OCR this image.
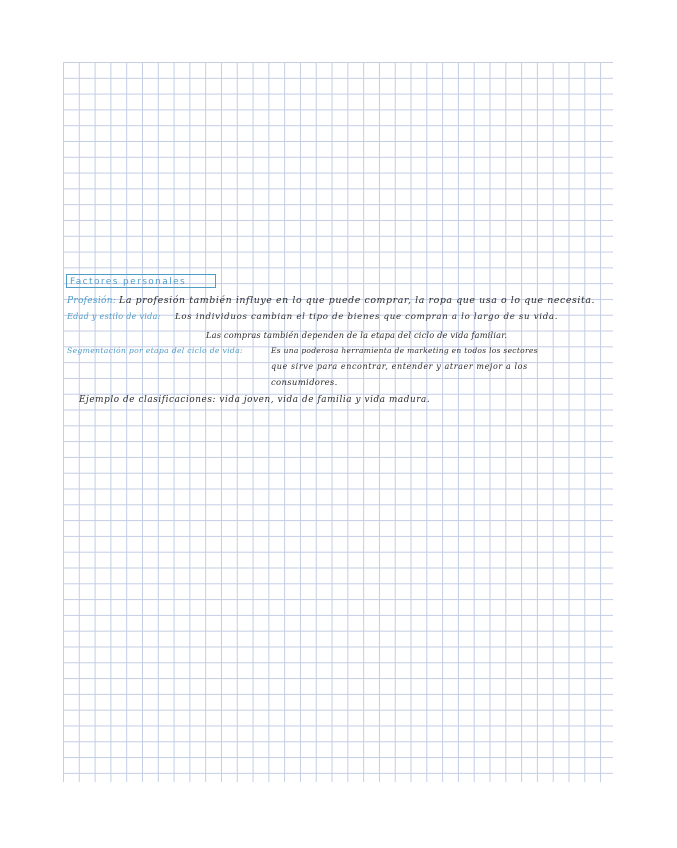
Factores personales
Profesión: La profesión también influye en lo que puede comprar, la ropa que usa o lo que necesita.
Edad y estilo de vida: Los individuos cambian el tipo de bienes que compran a lo largo de su vida.
Las compras también dependen de la etapa del ciclo de vida familiar.
Segmentación por etapa del ciclo de vida:	Es una poderosa herramienta de marketing en todos los sectores
que sirve para encontrar, entender y atraer mejor a los
consumidores.
Ejemplo de clasificaciones: vida joven, vida de familia y vida madura.
